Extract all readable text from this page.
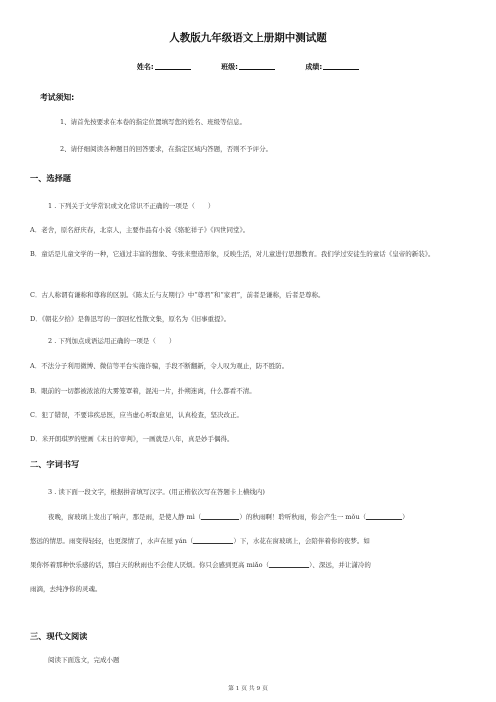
人教版九年级语文上册期中测试题
姓名:	班级:	成绩:
考试须知:
1、请首先按要求在本卷的指定位置填写您的姓名、班级等信息。
2、请仔细阅读各种题目的回答要求，在指定区域内答题，否则不予评分。
一、选择题
1 . 下列关于文学常识或文化常识不正确的一项是（　　）
A．老舍，原名舒庆春，北京人，主要作品有小说《骆驼祥子》《四世同堂》。
B．童话是儿童文学的一种，它通过丰富的想象、夸张来塑造形象，反映生活，对儿童进行思想教育。我们学过安徒生的童话《皇帝的新装》。
C．古人称谓有谦称和尊称的区别。《陈太丘与友期行》中“尊君”和“家君”，前者是谦称，后者是尊称。
D．《朝花夕拾》是鲁迅写的一部回忆性散文集，原名为《旧事重提》。
2 . 下列加点成语运用正确的一项是（　　）
A．不法分子利用微博、微信等平台实施诈骗，手段不断翻新，令人叹为观止，防不胜防。
B．眼前的一切都被浓浓的大雾笼罩着，混沌一片，扑朔迷离，什么都看不清。
C．犯了错误，不要讳疾忌医，应当虚心听取意见，认真检查，坚决改正。
D．米开朗琪罗的壁画《末日的审判》，一画就是八年，真是妙手偶得。
二、字词书写
3 . 读下面一段文字，根据拼音填写汉字。(用正楷依次写在答题卡上横线内)
夜晚，窗玻璃上发出了响声，那是雨，是使人静 mì（	）的秋雨啊！聆听秋雨，你会产生一 mǒu（	）
悠远的情思。雨变得轻轻，也更深情了，水声在屋 yán（	）下，水花在窗玻璃上，会陪伴着你的夜梦。如
果你怀着那种快乐感的话，那白天的秋雨也不会使人厌烦。你只会感到更高 miǎo（	）、深远，并让潇冷的
雨滴，去纯净你的灵魂。
三、现代文阅读
阅读下面选文，完成小题
第 1 页 共 9 页
